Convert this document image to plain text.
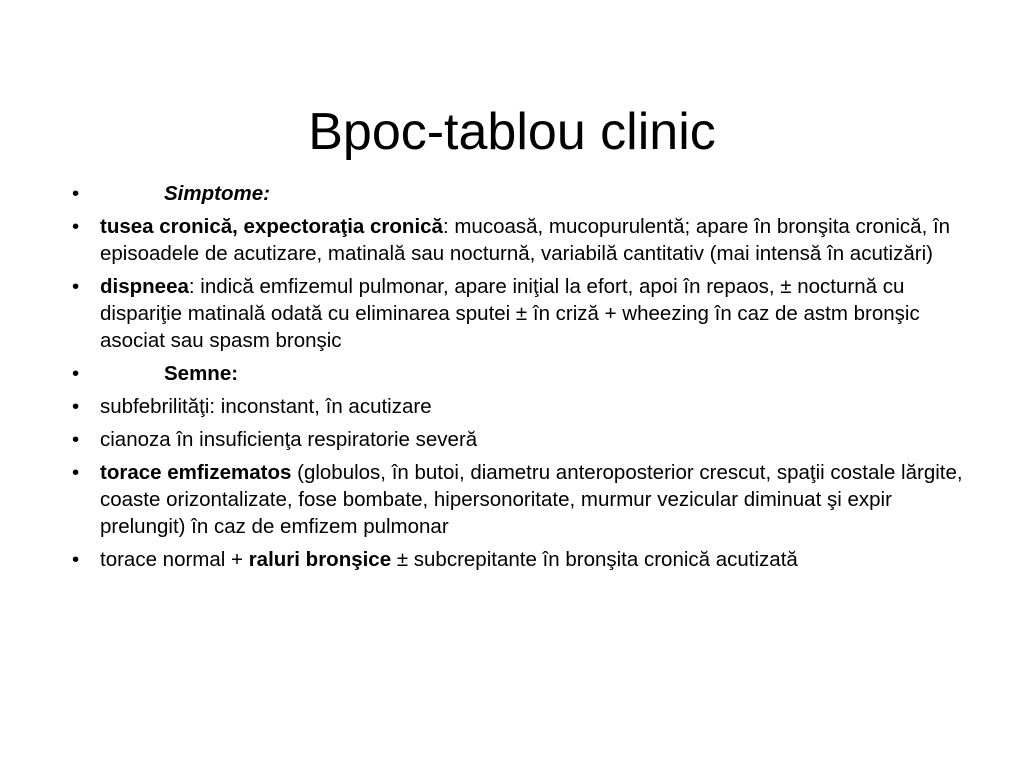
Bpoc-tablou clinic
• Simptome:
• tusea cronică, expectoraţia cronică: mucoasă, mucopurulentă; apare în bronşita cronică, în episoadele de acutizare, matinală sau nocturnă, variabilă cantitativ (mai intensă în acutizări)
• dispneea: indică emfizemul pulmonar, apare iniţial la efort, apoi în repaos, ± nocturnă cu dispariţie matinală odată cu eliminarea sputei ± în criză + wheezing în caz de astm bronşic asociat sau spasm bronşic
• Semne:
• subfebrilităţi: inconstant, în acutizare
• cianoza în insuficienţa respiratorie severă
• torace emfizematos (globulos, în butoi, diametru anteroposterior crescut, spaţii costale lărgite, coaste orizontalizate, fose bombate, hipersonoritate, murmur vezicular diminuat şi expir prelungit) în caz de emfizem pulmonar
• torace normal + raluri bronşice ± subcrepitante în bronşita cronică acutizată
